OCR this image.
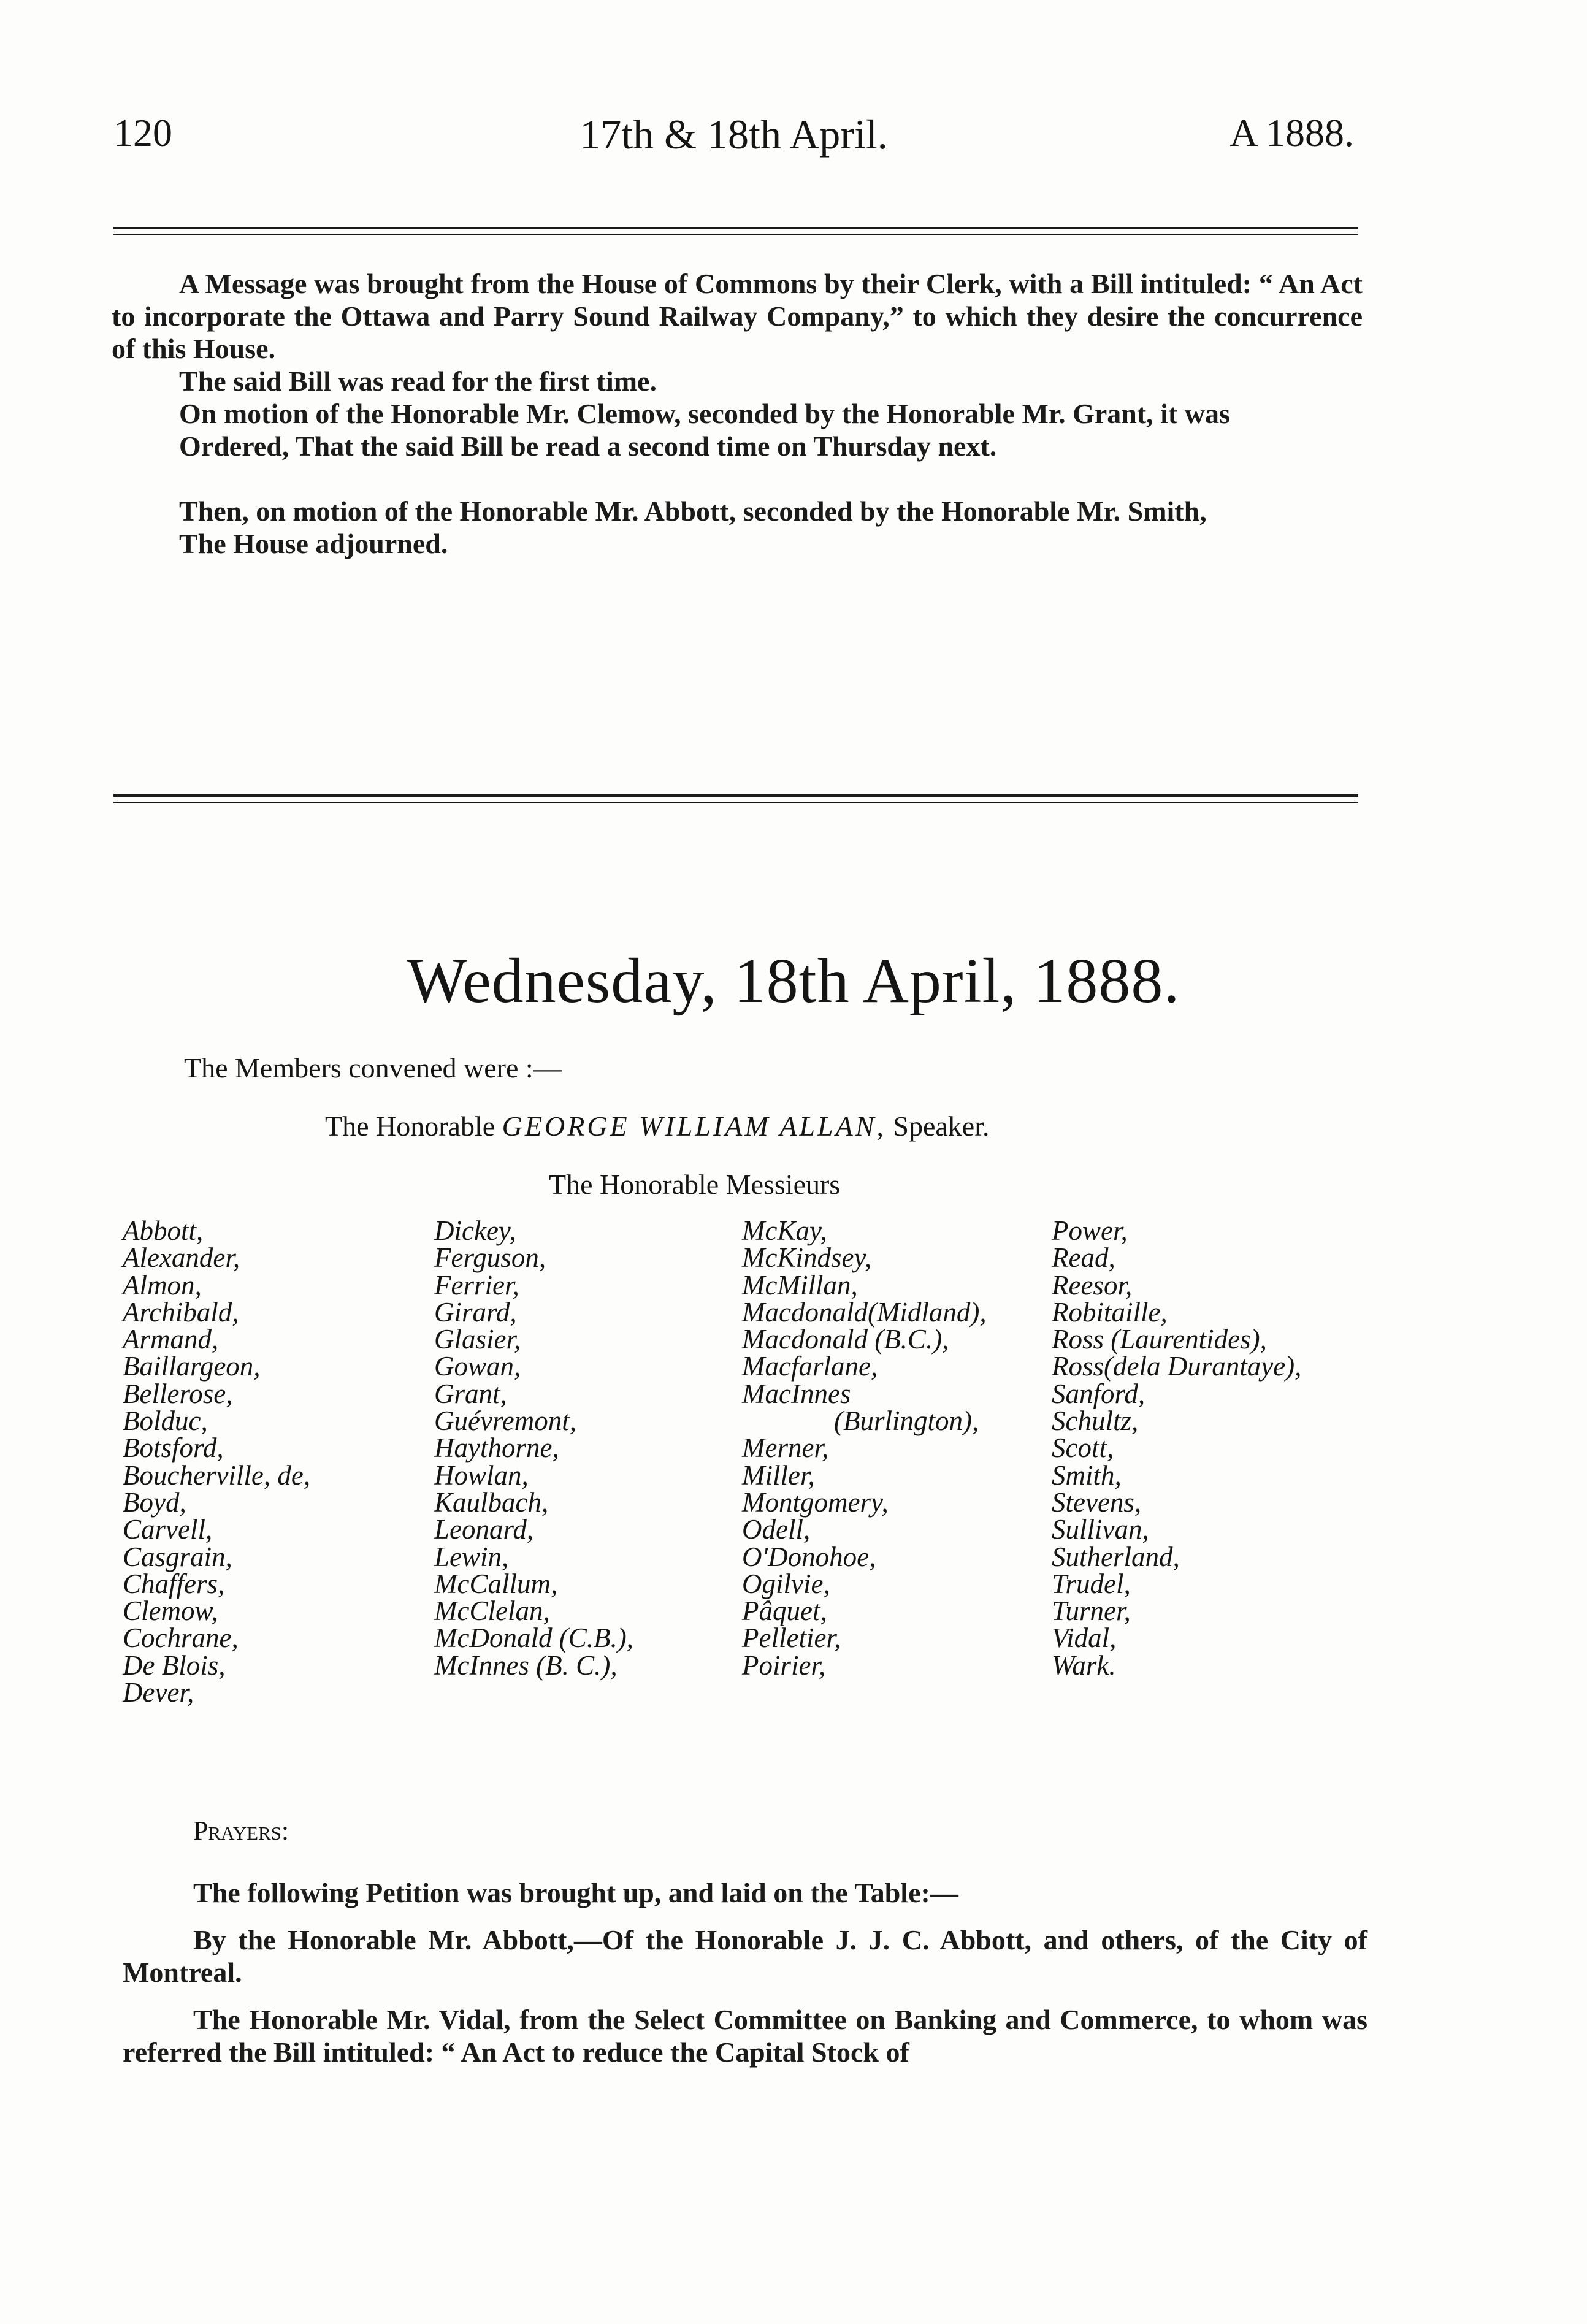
120	17th & 18th April.	A 1888.

A Message was brought from the House of Commons by their Clerk, with a Bill intituled: “ An Act to incorporate the Ottawa and Parry Sound Railway Company,” to which they desire the concurrence of this House.

The said Bill was read for the first time.

On motion of the Honorable Mr. Clemow, seconded by the Honorable Mr. Grant, it was

Ordered, That the said Bill be read a second time on Thursday next.

Then, on motion of the Honorable Mr. Abbott, seconded by the Honorable Mr. Smith,

The House adjourned.

Wednesday, 18th April, 1888.
The Members convened were :—
The Honorable GEORGE WILLIAM ALLAN, Speaker.
The Honorable Messieurs
Abbott,
Alexander,
Almon,
Archibald,
Armand,
Baillargeon,
Bellerose,
Bolduc,
Botsford,
Boucherville, de,
Boyd,
Carvell,
Casgrain,
Chaffers,
Clemow,
Cochrane,
De Blois,
Dever,
Dickey,
Ferguson,
Ferrier,
Girard,
Glasier,
Gowan,
Grant,
Guévremont,
Haythorne,
Howlan,
Kaulbach,
Leonard,
Lewin,
McCallum,
McClelan,
McDonald (C.B.),
McInnes (B. C.),
McKay,
McKindsey,
McMillan,
Macdonald(Midland),
Macdonald (B.C.),
Macfarlane,
MacInnes
(Burlington),
Merner,
Miller,
Montgomery,
Odell,
O'Donohoe,
Ogilvie,
Pâquet,
Pelletier,
Poirier,
Power,
Read,
Reesor,
Robitaille,
Ross (Laurentides),
Ross(dela Durantaye),
Sanford,
Schultz,
Scott,
Smith,
Stevens,
Sullivan,
Sutherland,
Trudel,
Turner,
Vidal,
Wark.
Prayers:

The following Petition was brought up, and laid on the Table:—

By the Honorable Mr. Abbott,—Of the Honorable J. J. C. Abbott, and others, of the City of Montreal.

The Honorable Mr. Vidal, from the Select Committee on Banking and Commerce, to whom was referred the Bill intituled: “ An Act to reduce the Capital Stock of
